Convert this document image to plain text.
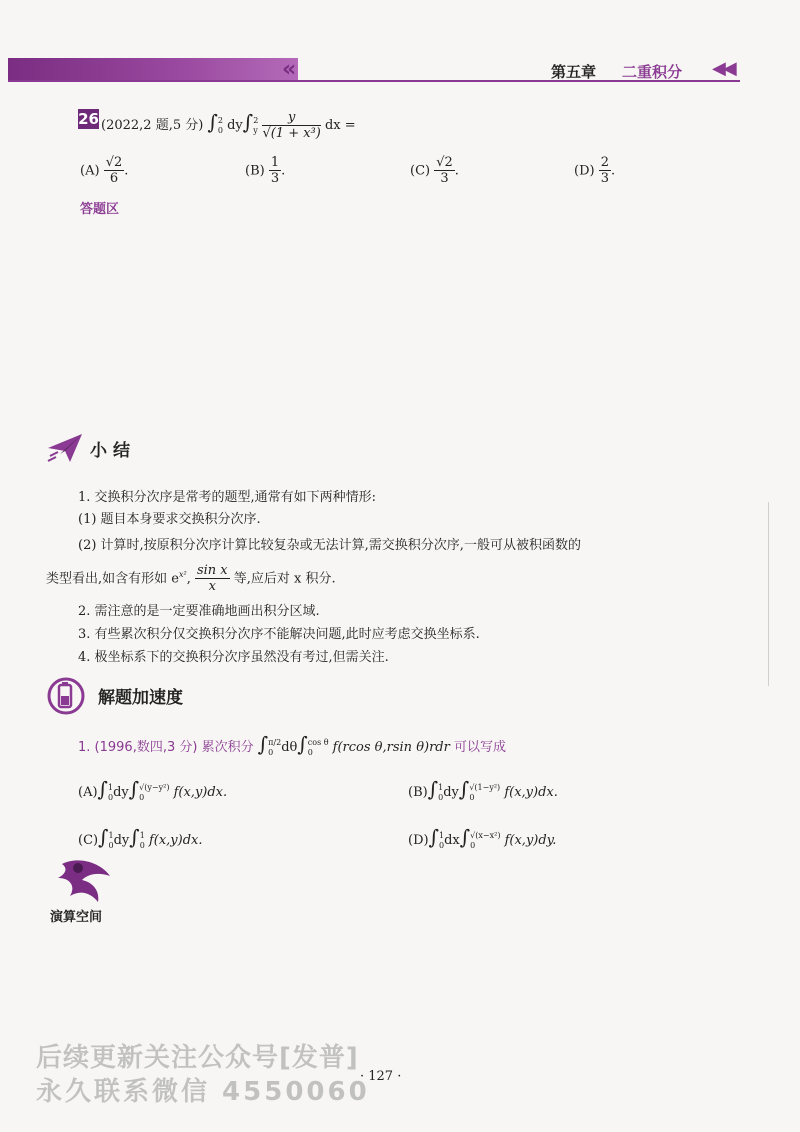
«	第五章 二重积分 ◀◀
26 (2022,2 题,5 分) ∫ 2
0 dy∫ 2
y
$\frac{y}{\text{√(1 + x³)}}$ dx =
$(A) \frac{√2}{6}$ .	$(B) \frac{1}{3}$ .	$(C) \frac{√2}{3}$ .	$(D) \frac{2}{3}$ .
答题区
小结
1. 交换积分次序是常考的题型,通常有如下两种情形:
(1) 题目本身要求交换积分次序.
(2) 计算时,按原积分次序计算比较复杂或无法计算,需交换积分次序,一般可从被积函数的
类型看出,如含有形如 $e^{x^2}$, $\frac{\text{sin x}}{x}$ 等,应后对 x 积分.
2. 需注意的是一定要准确地画出积分区域.
3. 有些累次积分仅交换积分次序不能解决问题,此时应考虑交换坐标系.
4. 极坐标系下的交换积分次序虽然没有考过,但需关注.
解题加速度
1. (1996,数四,3 分) 累次积分 ∫ π/2
0 dθ∫ cos θ
0	f(rcos θ,rsin θ)rdr 可以写成
(A)∫ 1
0 dy∫ √(y−y²)
0	f(x,y)dx.	(B)∫ 1
0 dy∫ √(1−y²)
0	f(x,y)dx.
(C)∫ 1
0 dy∫ 1
0 f(x,y)dx.	(D)∫ 1
0 dx∫ √(x−x²)
0	f(x,y)dy.
演算空间
· 127 ·
后续更新关注公众号[发普]
永久联系微信 4550060
